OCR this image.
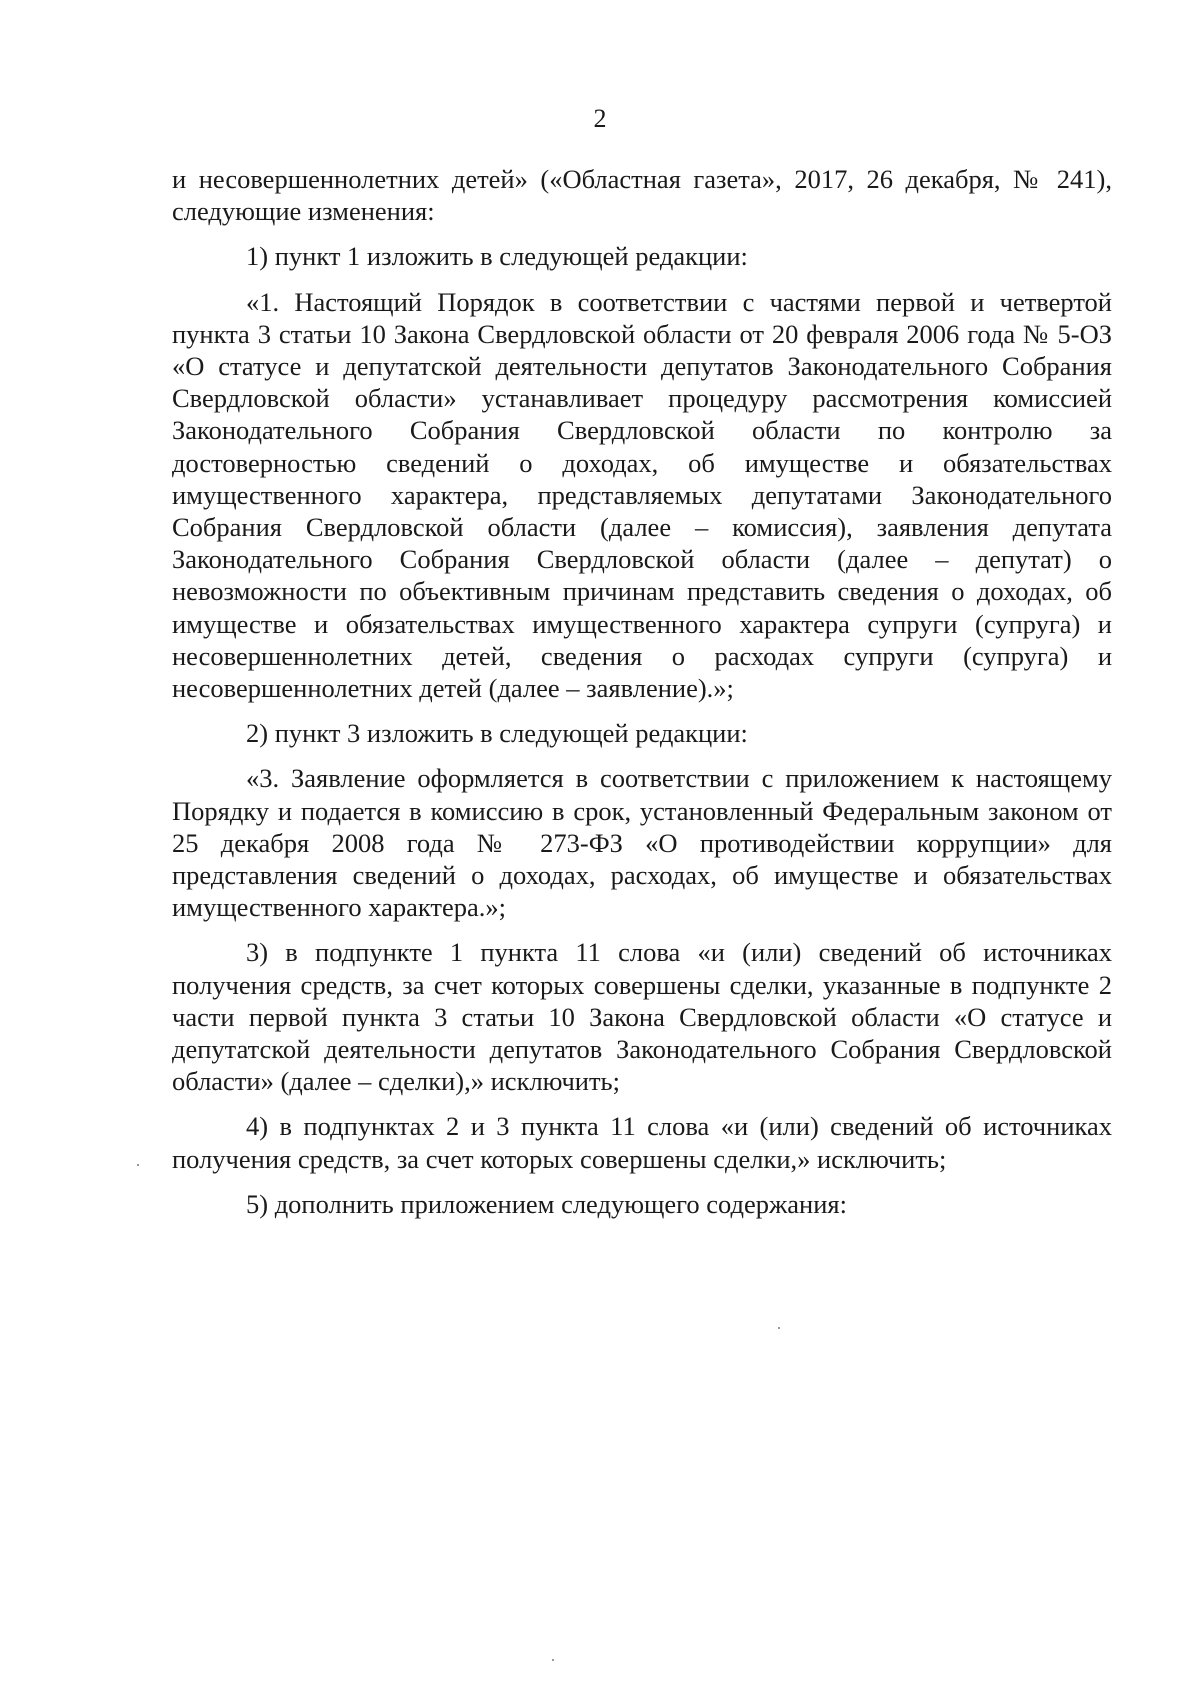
2

и несовершеннолетних детей» («Областная газета», 2017, 26 декабря, № 241), следующие изменения:

1) пункт 1 изложить в следующей редакции:

«1. Настоящий Порядок в соответствии с частями первой и четвертой пункта 3 статьи 10 Закона Свердловской области от 20 февраля 2006 года № 5-ОЗ «О статусе и депутатской деятельности депутатов Законодательного Собрания Свердловской области» устанавливает процедуру рассмотрения комиссией Законодательного Собрания Свердловской области по контролю за достоверностью сведений о доходах, об имуществе и обязательствах имущественного характера, представляемых депутатами Законодательного Собрания Свердловской области (далее – комиссия), заявления депутата Законодательного Собрания Свердловской области (далее – депутат) о невозможности по объективным причинам представить сведения о доходах, об имуществе и обязательствах имущественного характера супруги (супруга) и несовершеннолетних детей, сведения о расходах супруги (супруга) и несовершеннолетних детей (далее – заявление).»;

2) пункт 3 изложить в следующей редакции:

«3. Заявление оформляется в соответствии с приложением к настоящему Порядку и подается в комиссию в срок, установленный Федеральным законом от 25 декабря 2008 года № 273-ФЗ «О противодействии коррупции» для представления сведений о доходах, расходах, об имуществе и обязательствах имущественного характера.»;

3) в подпункте 1 пункта 11 слова «и (или) сведений об источниках получения средств, за счет которых совершены сделки, указанные в подпункте 2 части первой пункта 3 статьи 10 Закона Свердловской области «О статусе и депутатской деятельности депутатов Законодательного Собрания Свердловской области» (далее – сделки),» исключить;

4) в подпунктах 2 и 3 пункта 11 слова «и (или) сведений об источниках получения средств, за счет которых совершены сделки,» исключить;

5) дополнить приложением следующего содержания:
